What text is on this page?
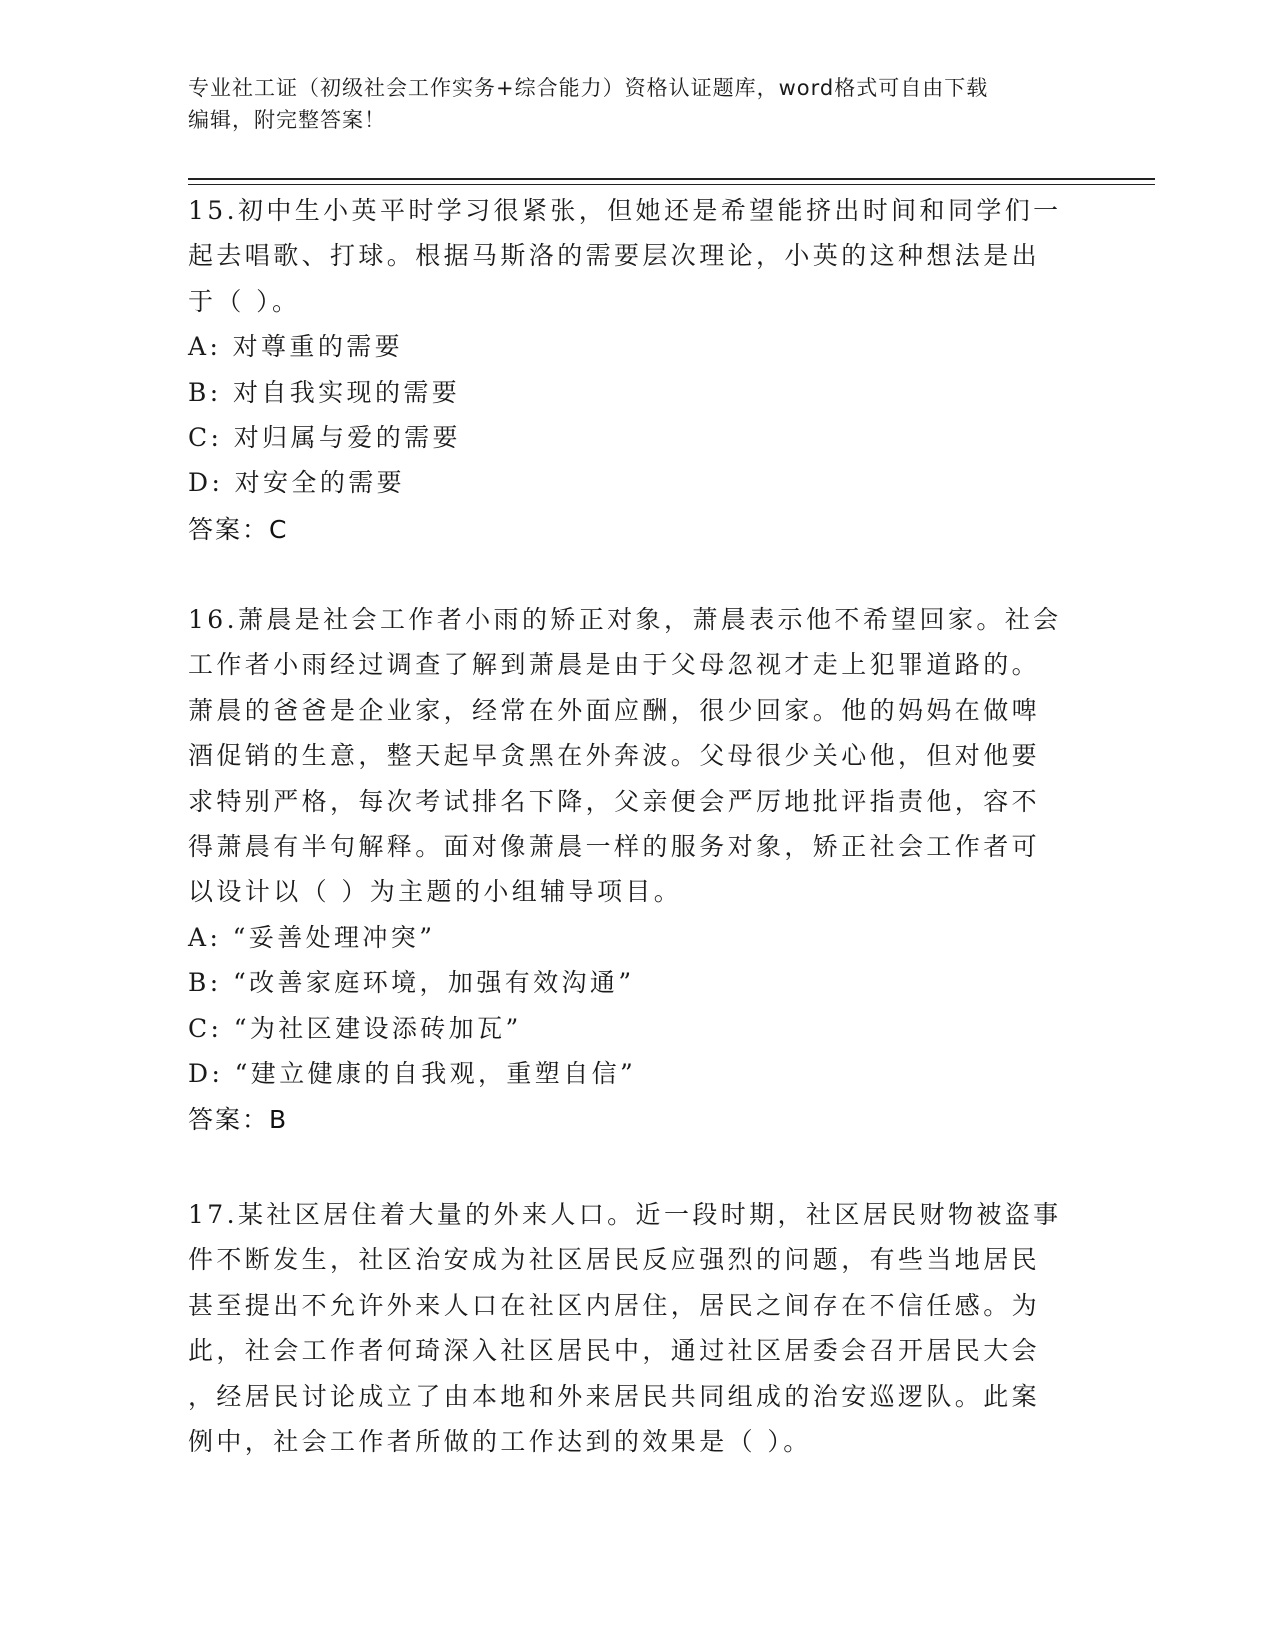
专业社工证（初级社会工作实务+综合能力）资格认证题库，word格式可自由下载
编辑，附完整答案！

15.初中生小英平时学习很紧张，但她还是希望能挤出时间和同学们一

起去唱歌、打球。根据马斯洛的需要层次理论，小英的这种想法是出

于（ ）。

A: 对尊重的需要

B: 对自我实现的需要

C: 对归属与爱的需要

D: 对安全的需要

答案：C

16.萧晨是社会工作者小雨的矫正对象，萧晨表示他不希望回家。社会

工作者小雨经过调查了解到萧晨是由于父母忽视才走上犯罪道路的。

萧晨的爸爸是企业家，经常在外面应酬，很少回家。他的妈妈在做啤

酒促销的生意，整天起早贪黑在外奔波。父母很少关心他，但对他要

求特别严格，每次考试排名下降，父亲便会严厉地批评指责他，容不

得萧晨有半句解释。面对像萧晨一样的服务对象，矫正社会工作者可

以设计以（ ）为主题的小组辅导项目。

A: “妥善处理冲突”

B: “改善家庭环境，加强有效沟通”

C: “为社区建设添砖加瓦”

D: “建立健康的自我观，重塑自信”

答案：B

17.某社区居住着大量的外来人口。近一段时期，社区居民财物被盗事

件不断发生，社区治安成为社区居民反应强烈的问题，有些当地居民

甚至提出不允许外来人口在社区内居住，居民之间存在不信任感。为

此，社会工作者何琦深入社区居民中，通过社区居委会召开居民大会

，经居民讨论成立了由本地和外来居民共同组成的治安巡逻队。此案

例中，社会工作者所做的工作达到的效果是（ ）。
